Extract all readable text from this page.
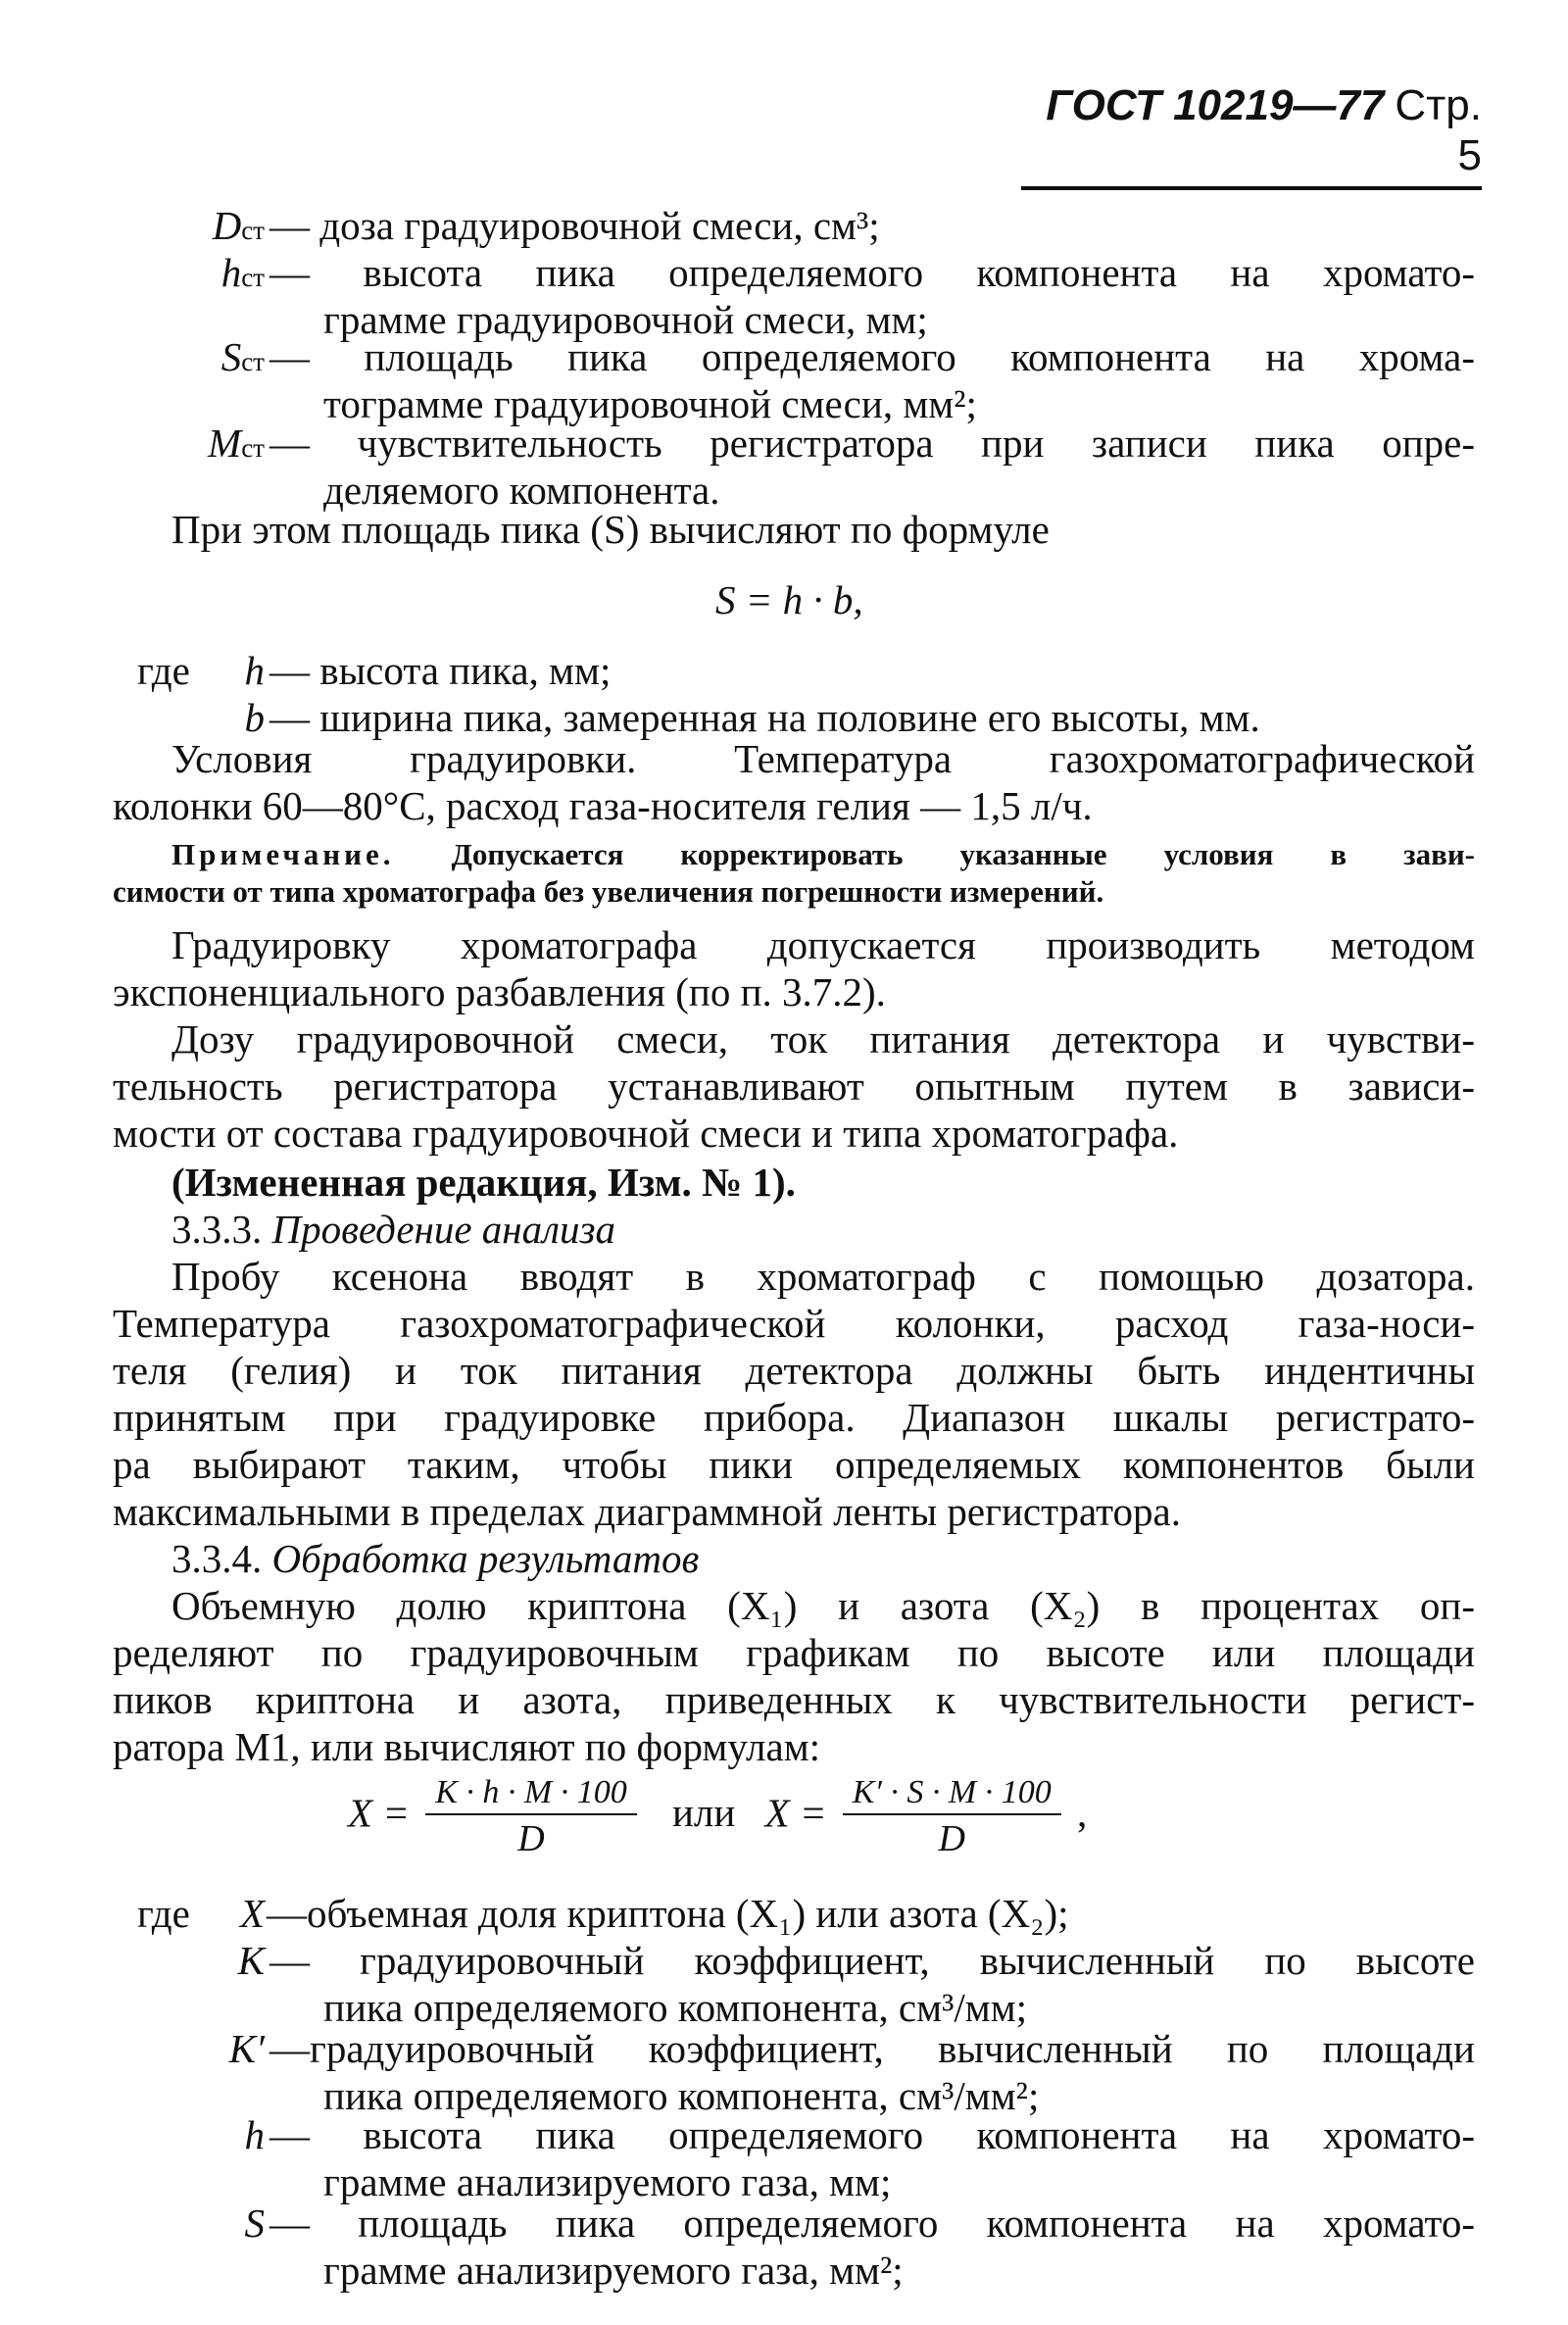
ГОСТ 10219—77 Стр. 5
Dст — доза градуировочной смеси, см³;
hст — высота пика определяемого компонента на хромато-
грамме градуировочной смеси, мм;
Sст — площадь пика определяемого компонента на хрома-
тограмме градуировочной смеси, мм²;
Mст — чувствительность регистратора при записи пика опре-
деляемого компонента.
При этом площадь пика (S) вычисляют по формуле
S = h · b,
где	h — высота пика, мм;
b — ширина пика, замеренная на половине его высоты, мм.
Условия градуировки. Температура газохроматографической
колонки 60—80°С, расход газа-носителя гелия — 1,5 л/ч.
Примечание. Допускается корректировать указанные условия в зави-
симости от типа хроматографа без увеличения погрешности измерений.
Градуировку хроматографа допускается производить методом
экспоненциального разбавления (по п. 3.7.2).
Дозу градуировочной смеси, ток питания детектора и чувстви-
тельность регистратора устанавливают опытным путем в зависи-
мости от состава градуировочной смеси и типа хроматографа.
(Измененная редакция, Изм. № 1).
3.3.3. Проведение анализа
Пробу ксенона вводят в хроматограф с помощью дозатора.
Температура газохроматографической колонки, расход газа-носи-
теля (гелия) и ток питания детектора должны быть индентичны
принятым при градуировке прибора. Диапазон шкалы регистрато-
ра выбирают таким, чтобы пики определяемых компонентов были
максимальными в пределах диаграммной ленты регистратора.
3.3.4. Обработка результатов
Объемную долю криптона (X₁) и азота (X₂) в процентах оп-
ределяют по градуировочным графикам по высоте или площади
пиков криптона и азота, приведенных к чувствительности регист-
ратора M1, или вычисляют по формулам:
$X = \frac{K \cdot h \cdot M \cdot 100}{D}$ или $X = \frac{K' \cdot S \cdot M \cdot 100}{D}$ ,
где	X —объемная доля криптона (X₁) или азота (X₂);
K — градуировочный коэффициент, вычисленный по высоте
пика определяемого компонента, см³/мм;
K′ —градуировочный коэффициент, вычисленный по площади
пика определяемого компонента, см³/мм²;
h — высота пика определяемого компонента на хромато-
грамме анализируемого газа, мм;
S — площадь пика определяемого компонента на хромато-
грамме анализируемого газа, мм²;
